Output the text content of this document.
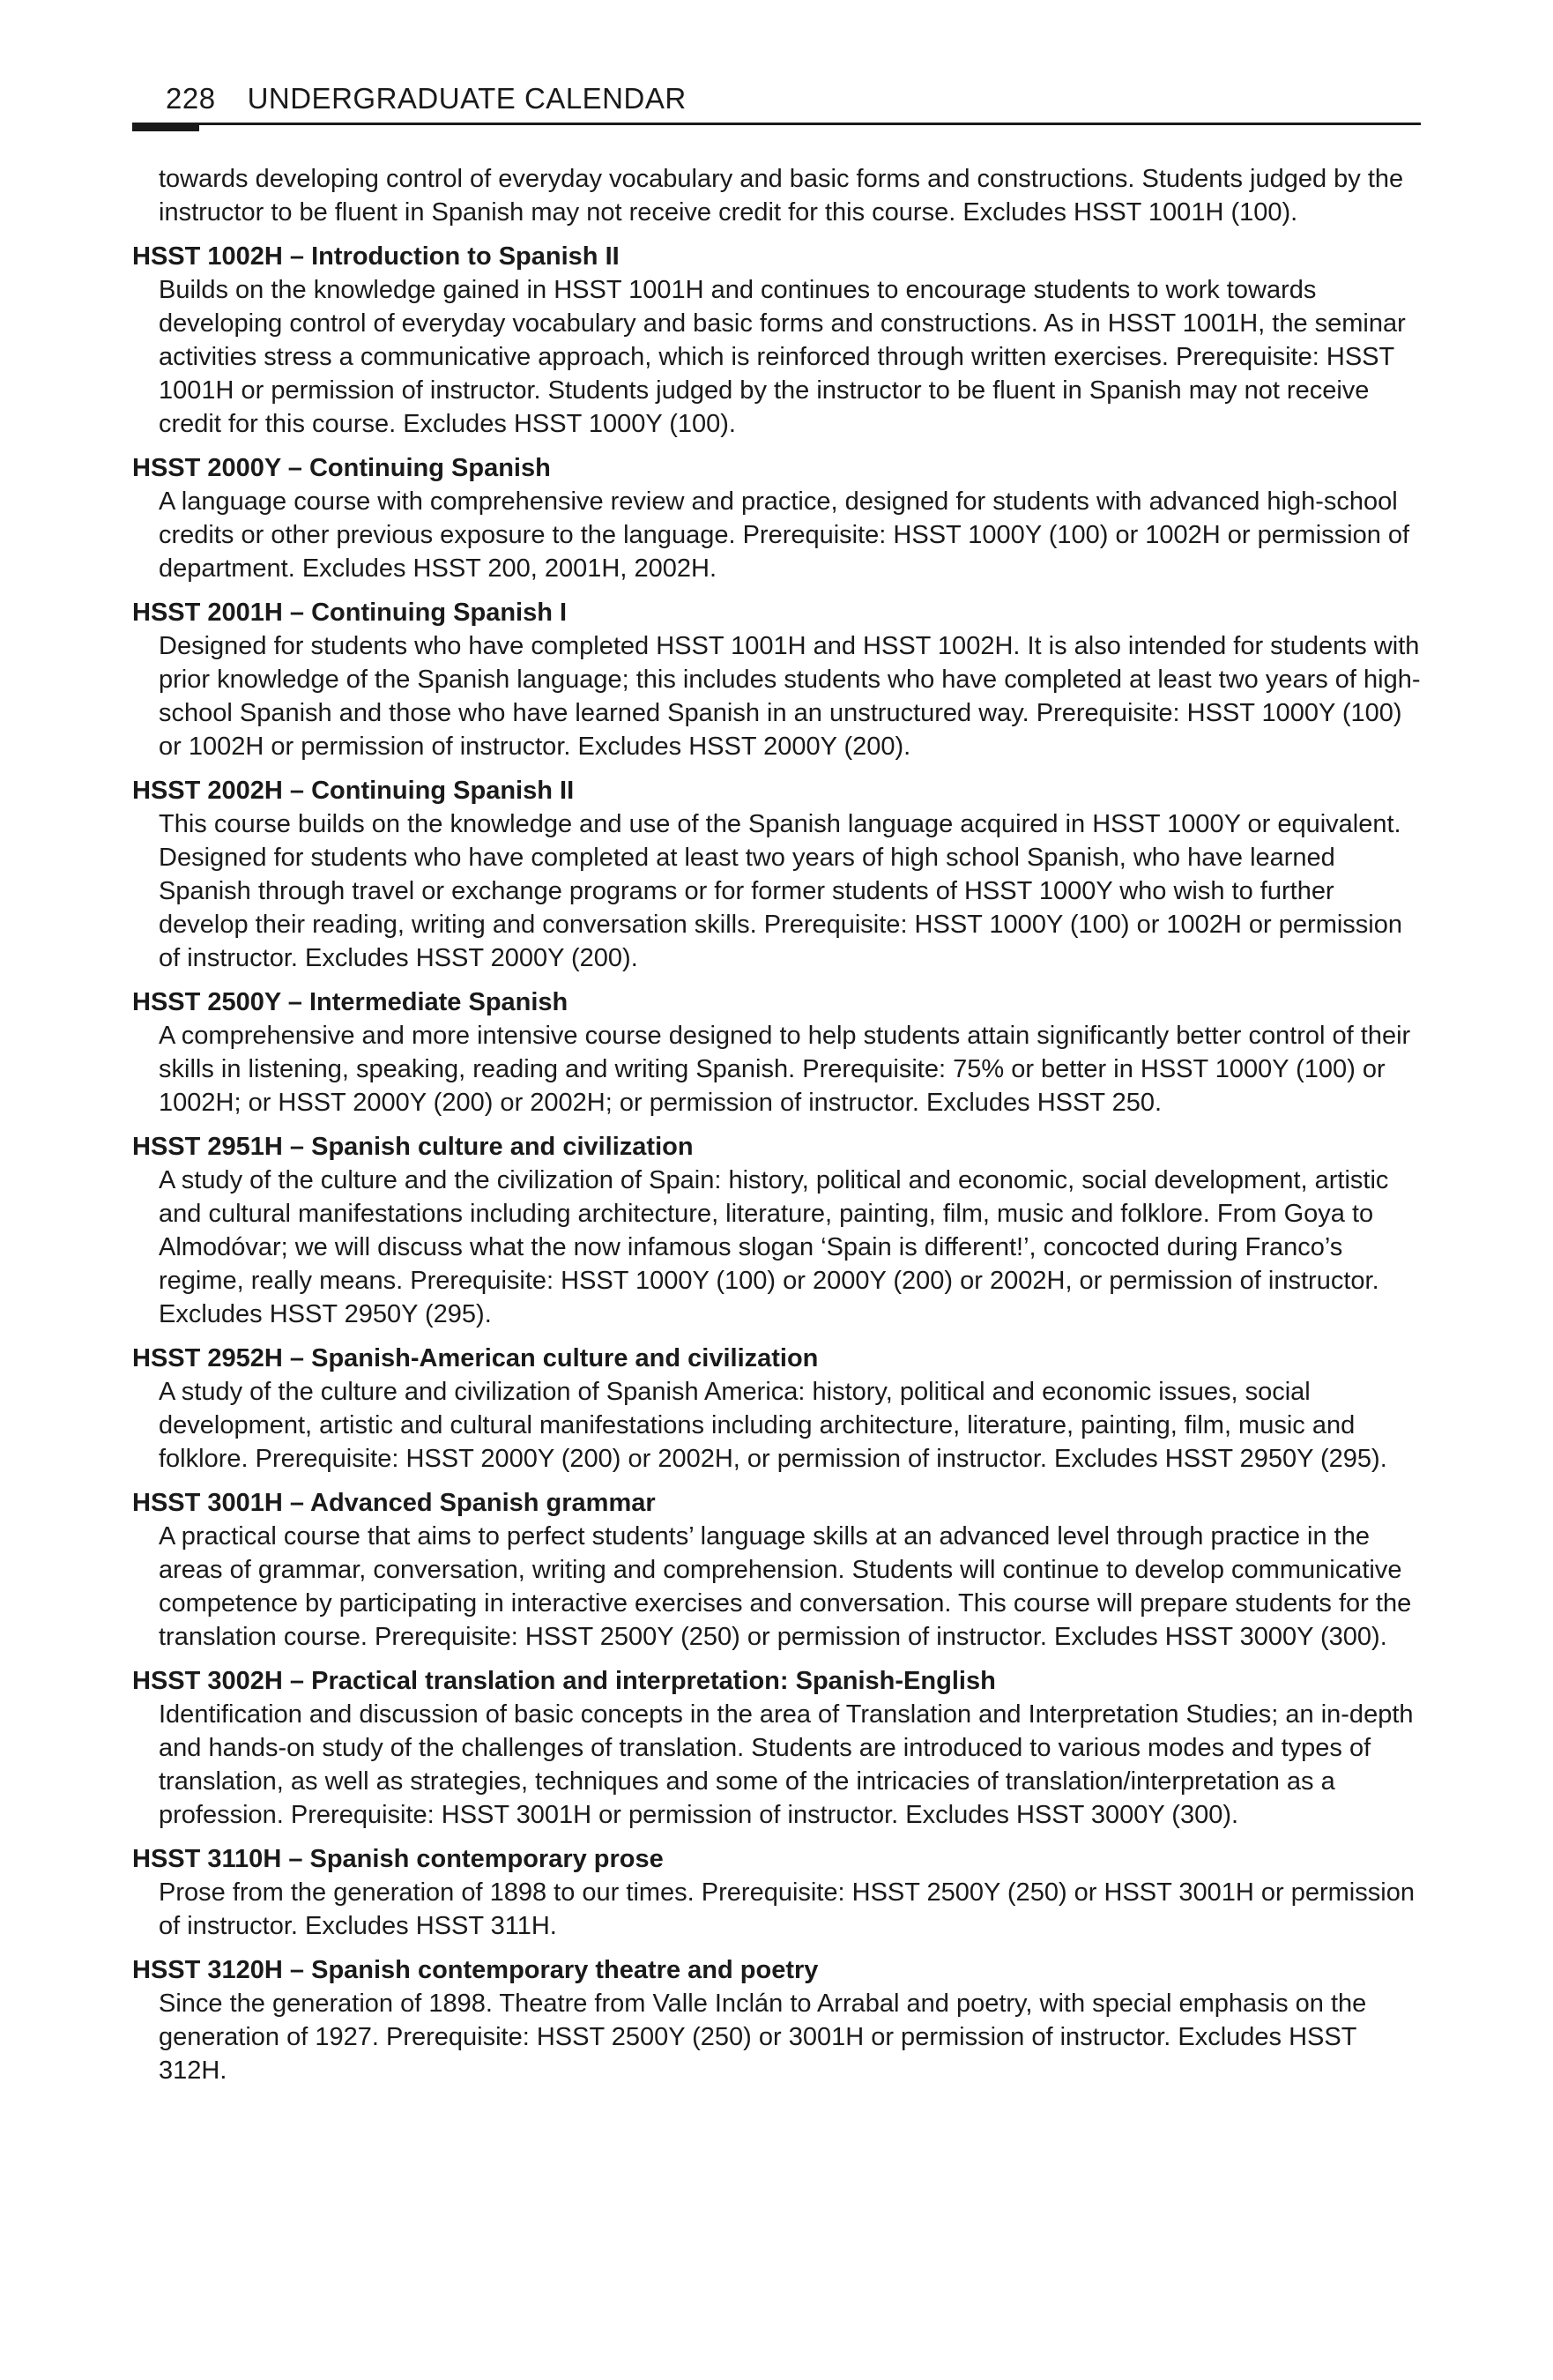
228 UNDERGRADUATE CALENDAR

towards developing control of everyday vocabulary and basic forms and constructions. Students judged by the instructor to be fluent in Spanish may not receive credit for this course. Excludes HSST 1001H (100).

HSST 1002H – Introduction to Spanish II

Builds on the knowledge gained in HSST 1001H and continues to encourage students to work towards developing control of everyday vocabulary and basic forms and constructions. As in HSST 1001H, the seminar activities stress a communicative approach, which is reinforced through written exercises. Prerequisite: HSST 1001H or permission of instructor. Students judged by the instructor to be fluent in Spanish may not receive credit for this course. Excludes HSST 1000Y (100).

HSST 2000Y – Continuing Spanish

A language course with comprehensive review and practice, designed for students with advanced high-school credits or other previous exposure to the language. Prerequisite: HSST 1000Y (100) or 1002H or permission of department. Excludes HSST 200, 2001H, 2002H.

HSST 2001H – Continuing Spanish I

Designed for students who have completed HSST 1001H and HSST 1002H. It is also intended for students with prior knowledge of the Spanish language; this includes students who have completed at least two years of high-school Spanish and those who have learned Spanish in an unstructured way. Prerequisite: HSST 1000Y (100) or 1002H or permission of instructor. Excludes HSST 2000Y (200).

HSST 2002H – Continuing Spanish II

This course builds on the knowledge and use of the Spanish language acquired in HSST 1000Y or equivalent. Designed for students who have completed at least two years of high school Spanish, who have learned Spanish through travel or exchange programs or for former students of HSST 1000Y who wish to further develop their reading, writing and conversation skills. Prerequisite: HSST 1000Y (100) or 1002H or permission of instructor. Excludes HSST 2000Y (200).

HSST 2500Y – Intermediate Spanish

A comprehensive and more intensive course designed to help students attain significantly better control of their skills in listening, speaking, reading and writing Spanish. Prerequisite: 75% or better in HSST 1000Y (100) or 1002H; or HSST 2000Y (200) or 2002H; or permission of instructor. Excludes HSST 250.

HSST 2951H – Spanish culture and civilization

A study of the culture and the civilization of Spain: history, political and economic, social development, artistic and cultural manifestations including architecture, literature, painting, film, music and folklore. From Goya to Almodóvar; we will discuss what the now infamous slogan ‘Spain is different!’, concocted during Franco’s regime, really means. Prerequisite: HSST 1000Y (100) or 2000Y (200) or 2002H, or permission of instructor. Excludes HSST 2950Y (295).

HSST 2952H – Spanish-American culture and civilization

A study of the culture and civilization of Spanish America: history, political and economic issues, social development, artistic and cultural manifestations including architecture, literature, painting, film, music and folklore. Prerequisite: HSST 2000Y (200) or 2002H, or permission of instructor. Excludes HSST 2950Y (295).

HSST 3001H – Advanced Spanish grammar

A practical course that aims to perfect students’ language skills at an advanced level through practice in the areas of grammar, conversation, writing and comprehension. Students will continue to develop communicative competence by participating in interactive exercises and conversation. This course will prepare students for the translation course. Prerequisite: HSST 2500Y (250) or permission of instructor. Excludes HSST 3000Y (300).

HSST 3002H – Practical translation and interpretation: Spanish-English

Identification and discussion of basic concepts in the area of Translation and Interpretation Studies; an in-depth and hands-on study of the challenges of translation. Students are introduced to various modes and types of translation, as well as strategies, techniques and some of the intricacies of translation/interpretation as a profession. Prerequisite: HSST 3001H or permission of instructor. Excludes HSST 3000Y (300).

HSST 3110H – Spanish contemporary prose

Prose from the generation of 1898 to our times. Prerequisite: HSST 2500Y (250) or HSST 3001H or permission of instructor. Excludes HSST 311H.

HSST 3120H – Spanish contemporary theatre and poetry

Since the generation of 1898. Theatre from Valle Inclán to Arrabal and poetry, with special emphasis on the generation of 1927. Prerequisite: HSST 2500Y (250) or 3001H or permission of instructor. Excludes HSST 312H.
